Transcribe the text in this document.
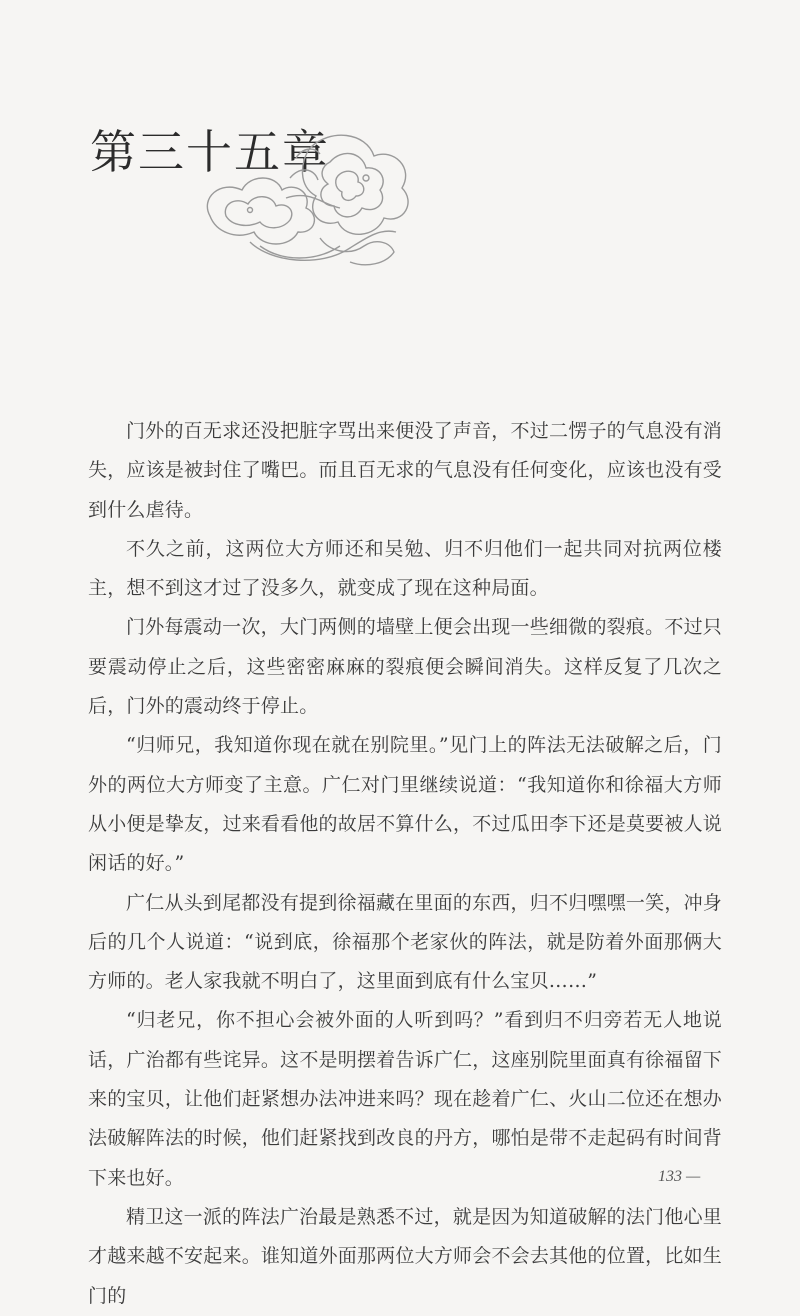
第三十五章

门外的百无求还没把脏字骂出来便没了声音，不过二愣子的气息没有消失，应该是被封住了嘴巴。而且百无求的气息没有任何变化，应该也没有受到什么虐待。

不久之前，这两位大方师还和吴勉、归不归他们一起共同对抗两位楼主，想不到这才过了没多久，就变成了现在这种局面。

门外每震动一次，大门两侧的墙壁上便会出现一些细微的裂痕。不过只要震动停止之后，这些密密麻麻的裂痕便会瞬间消失。这样反复了几次之后，门外的震动终于停止。

“归师兄，我知道你现在就在别院里。”见门上的阵法无法破解之后，门外的两位大方师变了主意。广仁对门里继续说道：“我知道你和徐福大方师从小便是挚友，过来看看他的故居不算什么，不过瓜田李下还是莫要被人说闲话的好。”

广仁从头到尾都没有提到徐福藏在里面的东西，归不归嘿嘿一笑，冲身后的几个人说道：“说到底，徐福那个老家伙的阵法，就是防着外面那俩大方师的。老人家我就不明白了，这里面到底有什么宝贝……”

“归老兄，你不担心会被外面的人听到吗？”看到归不归旁若无人地说话，广治都有些诧异。这不是明摆着告诉广仁，这座别院里面真有徐福留下来的宝贝，让他们赶紧想办法冲进来吗？现在趁着广仁、火山二位还在想办法破解阵法的时候，他们赶紧找到改良的丹方，哪怕是带不走起码有时间背下来也好。

精卫这一派的阵法广治最是熟悉不过，就是因为知道破解的法门他心里才越来越不安起来。谁知道外面那两位大方师会不会去其他的位置，比如生门的

133 —
